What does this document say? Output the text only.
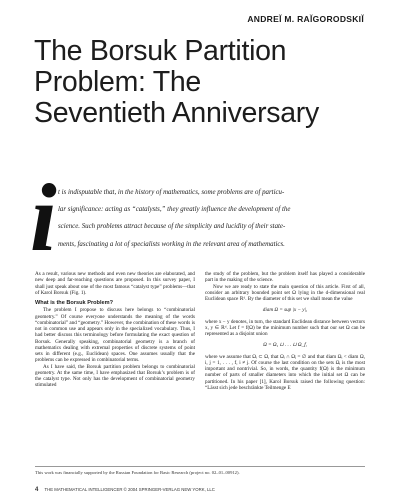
ANDREĬ M. RAĬGORODSKIĬ
The Borsuk Partition
Problem: The
Seventieth Anniversary
i t is indisputable that, in the history of mathematics, some problems are of particu-
lar significance: acting as “catalysts,” they greatly influence the development of the
science. Such problems attract because of the simplicity and lucidity of their state-
ments, fascinating a lot of specialists working in the relevant area of mathematics.

As a result, various new methods and even new theories are elaborated, and new deep and far-reaching questions are proposed. In this survey paper, I shall just speak about one of the most famous “catalyst type” problems—that of Karol Borsuk (Fig. 1).

What is the Borsuk Problem?

The problem I propose to discuss here belongs to “combinatorial geometry.” Of course everyone understands the meaning of the words “combinatorial” and “geometry.” However, the combination of these words is not in common use and appears only in the specialized vocabulary. Thus, I had better discuss this terminology before formulating the exact question of Borsuk. Generally speaking, combinatorial geometry is a branch of mathematics dealing with extremal properties of discrete systems of point sets in different (e.g., Euclidean) spaces. One assumes usually that the problems can be expressed in combinatorial terms.

As I have said, the Borsuk partition problem belongs to combinatorial geometry. At the same time, I have emphasized that Borsuk’s problem is of the catalyst type. Not only has the development of combinatorial geometry stimulated

the study of the problem, but the problem itself has played a considerable part in the making of the science.

Now we are ready to state the main question of this article. First of all, consider an arbitrary bounded point set Ω lying in the d-dimensional real Euclidean space ℝᵈ. By the diameter of this set we shall mean the value

diam Ω = sup |x − y|,

where x − y denotes, in turn, the standard Euclidean distance between vectors x, y ∈ ℝᵈ. Let f = f(Ω) be the minimum number such that our set Ω can be represented as a disjoint union

Ω = Ω₁ ⊔ . . . ⊔ Ω_f,

where we assume that Ωᵢ ⊂ Ω, that Ωᵢ ∩ Ωⱼ = ∅ and that diam Ωᵢ < diam Ω, i, j = 1, . . . , f, i ≠ j. Of course the last condition on the sets Ωᵢ is the most important and nontrivial. So, in words, the quantity f(Ω) is the minimum number of parts of smaller diameters into which the initial set Ω can be partitioned. In his paper [1], Karol Borsuk raised the following question: “Lässt sich jede beschränkte Teilmenge E

This work was financially supported by the Russian Foundation for Basic Research (project no. 02–01–00912).
4 THE MATHEMATICAL INTELLIGENCER © 2004 SPRINGER-VERLAG NEW YORK, LLC
